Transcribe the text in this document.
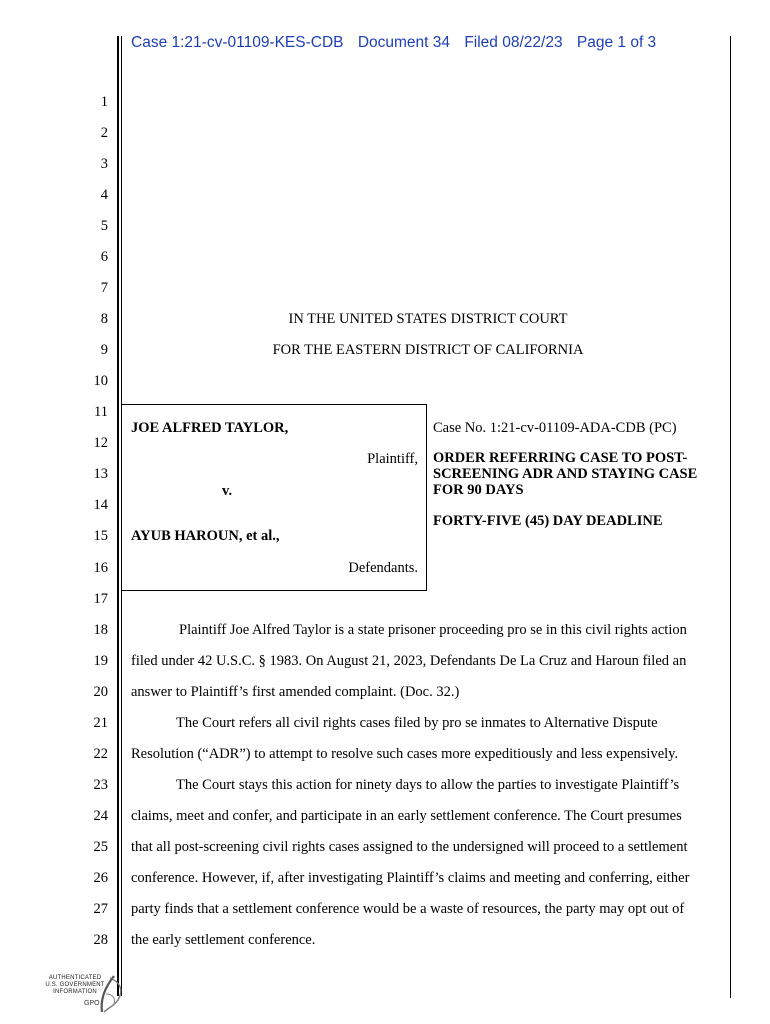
Case 1:21-cv-01109-KES-CDB Document 34 Filed 08/22/23 Page 1 of 3
1
2
3
4
5
6
7
8
9
10
11
12
13
14
15
16
17
18
19
20
21
22
23
24
25
26
27
28
IN THE UNITED STATES DISTRICT COURT
FOR THE EASTERN DISTRICT OF CALIFORNIA
JOE ALFRED TAYLOR,
Plaintiff,
v.
AYUB HAROUN, et al.,
Defendants.
Case No. 1:21-cv-01109-ADA-CDB (PC)
ORDER REFERRING CASE TO POST-
SCREENING ADR AND STAYING CASE
FOR 90 DAYS
FORTY-FIVE (45) DAY DEADLINE
Plaintiff Joe Alfred Taylor is a state prisoner proceeding pro se in this civil rights action
filed under 42 U.S.C. § 1983. On August 21, 2023, Defendants De La Cruz and Haroun filed an
answer to Plaintiff’s first amended complaint. (Doc. 32.)
The Court refers all civil rights cases filed by pro se inmates to Alternative Dispute
Resolution (“ADR”) to attempt to resolve such cases more expeditiously and less expensively.
The Court stays this action for ninety days to allow the parties to investigate Plaintiff’s
claims, meet and confer, and participate in an early settlement conference. The Court presumes
that all post-screening civil rights cases assigned to the undersigned will proceed to a settlement
conference. However, if, after investigating Plaintiff’s claims and meeting and conferring, either
party finds that a settlement conference would be a waste of resources, the party may opt out of
the early settlement conference.
AUTHENTICATED
U.S. GOVERNMENT
INFORMATION
GPO
